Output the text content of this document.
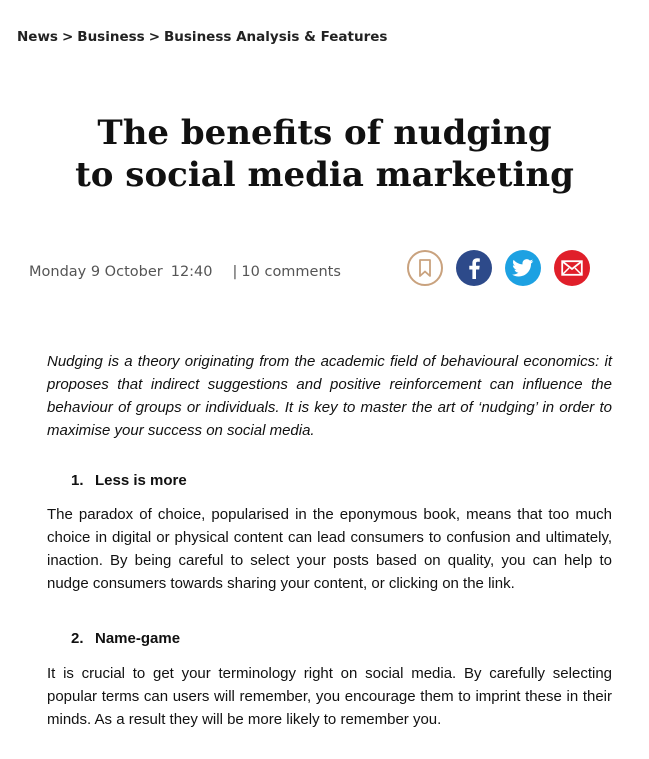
News > Business > Business Analysis & Features
The benefits of nudging
to social media marketing
Monday 9 October 12:40 | 10 comments

Nudging is a theory originating from the academic field of behavioural economics: it proposes that indirect suggestions and positive reinforcement can influence the behaviour of groups or individuals. It is key to master the art of ‘nudging’ in order to maximise your success on social media.

1. Less is more

The paradox of choice, popularised in the eponymous book, means that too much choice in digital or physical content can lead consumers to confusion and ultimately, inaction. By being careful to select your posts based on quality, you can help to nudge consumers towards sharing your content, or clicking on the link.

2. Name-game

It is crucial to get your terminology right on social media. By carefully selecting popular terms can users will remember, you encourage them to imprint these in their minds. As a result they will be more likely to remember you.
